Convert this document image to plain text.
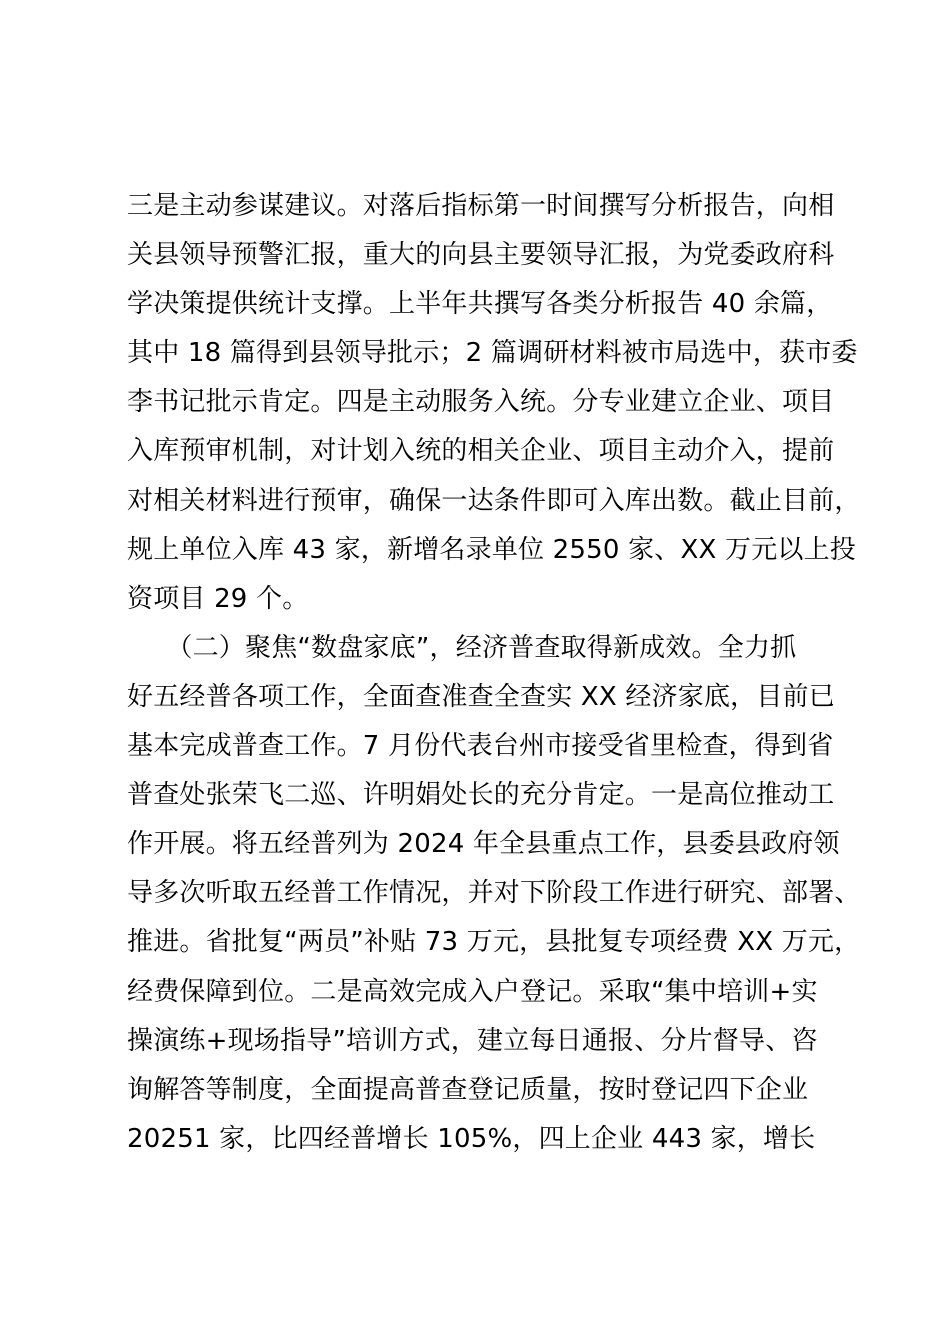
三是主动参谋建议。对落后指标第一时间撰写分析报告，向相
关县领导预警汇报，重大的向县主要领导汇报，为党委政府科
学决策提供统计支撑。上半年共撰写各类分析报告 40 余篇，
其中 18 篇得到县领导批示；2 篇调研材料被市局选中，获市委
李书记批示肯定。四是主动服务入统。分专业建立企业、项目
入库预审机制，对计划入统的相关企业、项目主动介入，提前
对相关材料进行预审，确保一达条件即可入库出数。截止目前，
规上单位入库 43 家，新增名录单位 2550 家、XX 万元以上投
资项目 29 个。
　　（二）聚焦“数盘家底”，经济普查取得新成效。全力抓
好五经普各项工作，全面查准查全查实 XX 经济家底，目前已
基本完成普查工作。7 月份代表台州市接受省里检查，得到省
普查处张荣飞二巡、许明娟处长的充分肯定。一是高位推动工
作开展。将五经普列为 2024 年全县重点工作，县委县政府领
导多次听取五经普工作情况，并对下阶段工作进行研究、部署、
推进。省批复“两员”补贴 73 万元，县批复专项经费 XX 万元，
经费保障到位。二是高效完成入户登记。采取“集中培训+实
操演练+现场指导”培训方式，建立每日通报、分片督导、咨
询解答等制度，全面提高普查登记质量，按时登记四下企业
20251 家，比四经普增长 105%，四上企业 443 家，增长
